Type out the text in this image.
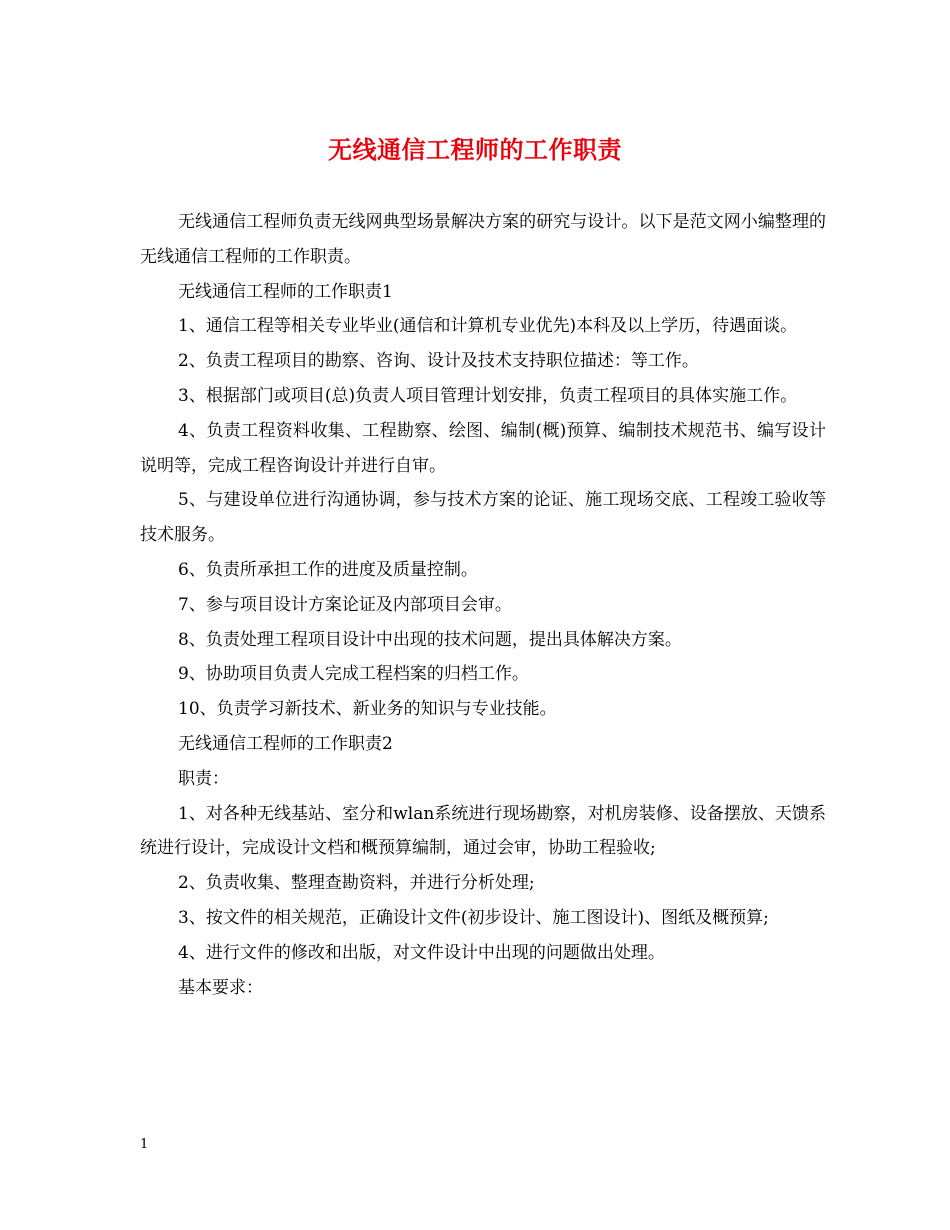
无线通信工程师的工作职责

无线通信工程师负责无线网典型场景解决方案的研究与设计。以下是范文网小编整理的无线通信工程师的工作职责。

无线通信工程师的工作职责1

1、通信工程等相关专业毕业(通信和计算机专业优先)本科及以上学历，待遇面谈。

2、负责工程项目的勘察、咨询、设计及技术支持职位描述：等工作。

3、根据部门或项目(总)负责人项目管理计划安排，负责工程项目的具体实施工作。

4、负责工程资料收集、工程勘察、绘图、编制(概)预算、编制技术规范书、编写设计说明等，完成工程咨询设计并进行自审。

5、与建设单位进行沟通协调，参与技术方案的论证、施工现场交底、工程竣工验收等技术服务。

6、负责所承担工作的进度及质量控制。

7、参与项目设计方案论证及内部项目会审。

8、负责处理工程项目设计中出现的技术问题，提出具体解决方案。

9、协助项目负责人完成工程档案的归档工作。

10、负责学习新技术、新业务的知识与专业技能。

无线通信工程师的工作职责2

职责：

1、对各种无线基站、室分和wlan系统进行现场勘察，对机房装修、设备摆放、天馈系统进行设计，完成设计文档和概预算编制，通过会审，协助工程验收;

2、负责收集、整理查勘资料，并进行分析处理;

3、按文件的相关规范，正确设计文件(初步设计、施工图设计)、图纸及概预算;

4、进行文件的修改和出版，对文件设计中出现的问题做出处理。

基本要求：

1
